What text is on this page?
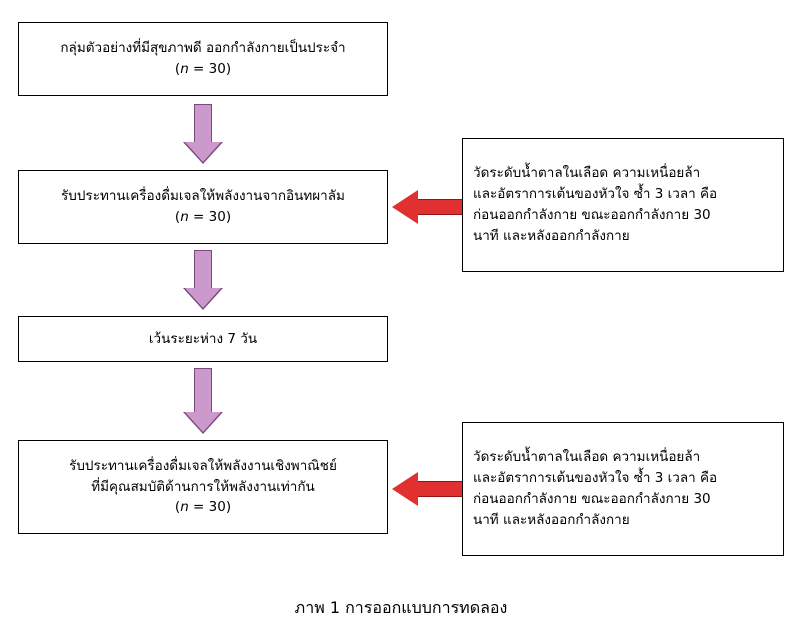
กลุ่มตัวอย่างที่มีสุขภาพดี ออกกำลังกายเป็นประจำ
(n = 30)
รับประทานเครื่องดื่มเจลให้พลังงานจากอินทผาลัม
(n = 30)
เว้นระยะห่าง 7 วัน
รับประทานเครื่องดื่มเจลให้พลังงานเชิงพาณิชย์
ที่มีคุณสมบัติด้านการให้พลังงานเท่ากัน
(n = 30)
วัดระดับน้ำตาลในเลือด ความเหนื่อยล้า
และอัตราการเต้นของหัวใจ ซ้ำ 3 เวลา คือ
ก่อนออกกำลังกาย ขณะออกกำลังกาย 30
นาที และหลังออกกำลังกาย
วัดระดับน้ำตาลในเลือด ความเหนื่อยล้า
และอัตราการเต้นของหัวใจ ซ้ำ 3 เวลา คือ
ก่อนออกกำลังกาย ขณะออกกำลังกาย 30
นาที และหลังออกกำลังกาย
ภาพ 1 การออกแบบการทดลอง
